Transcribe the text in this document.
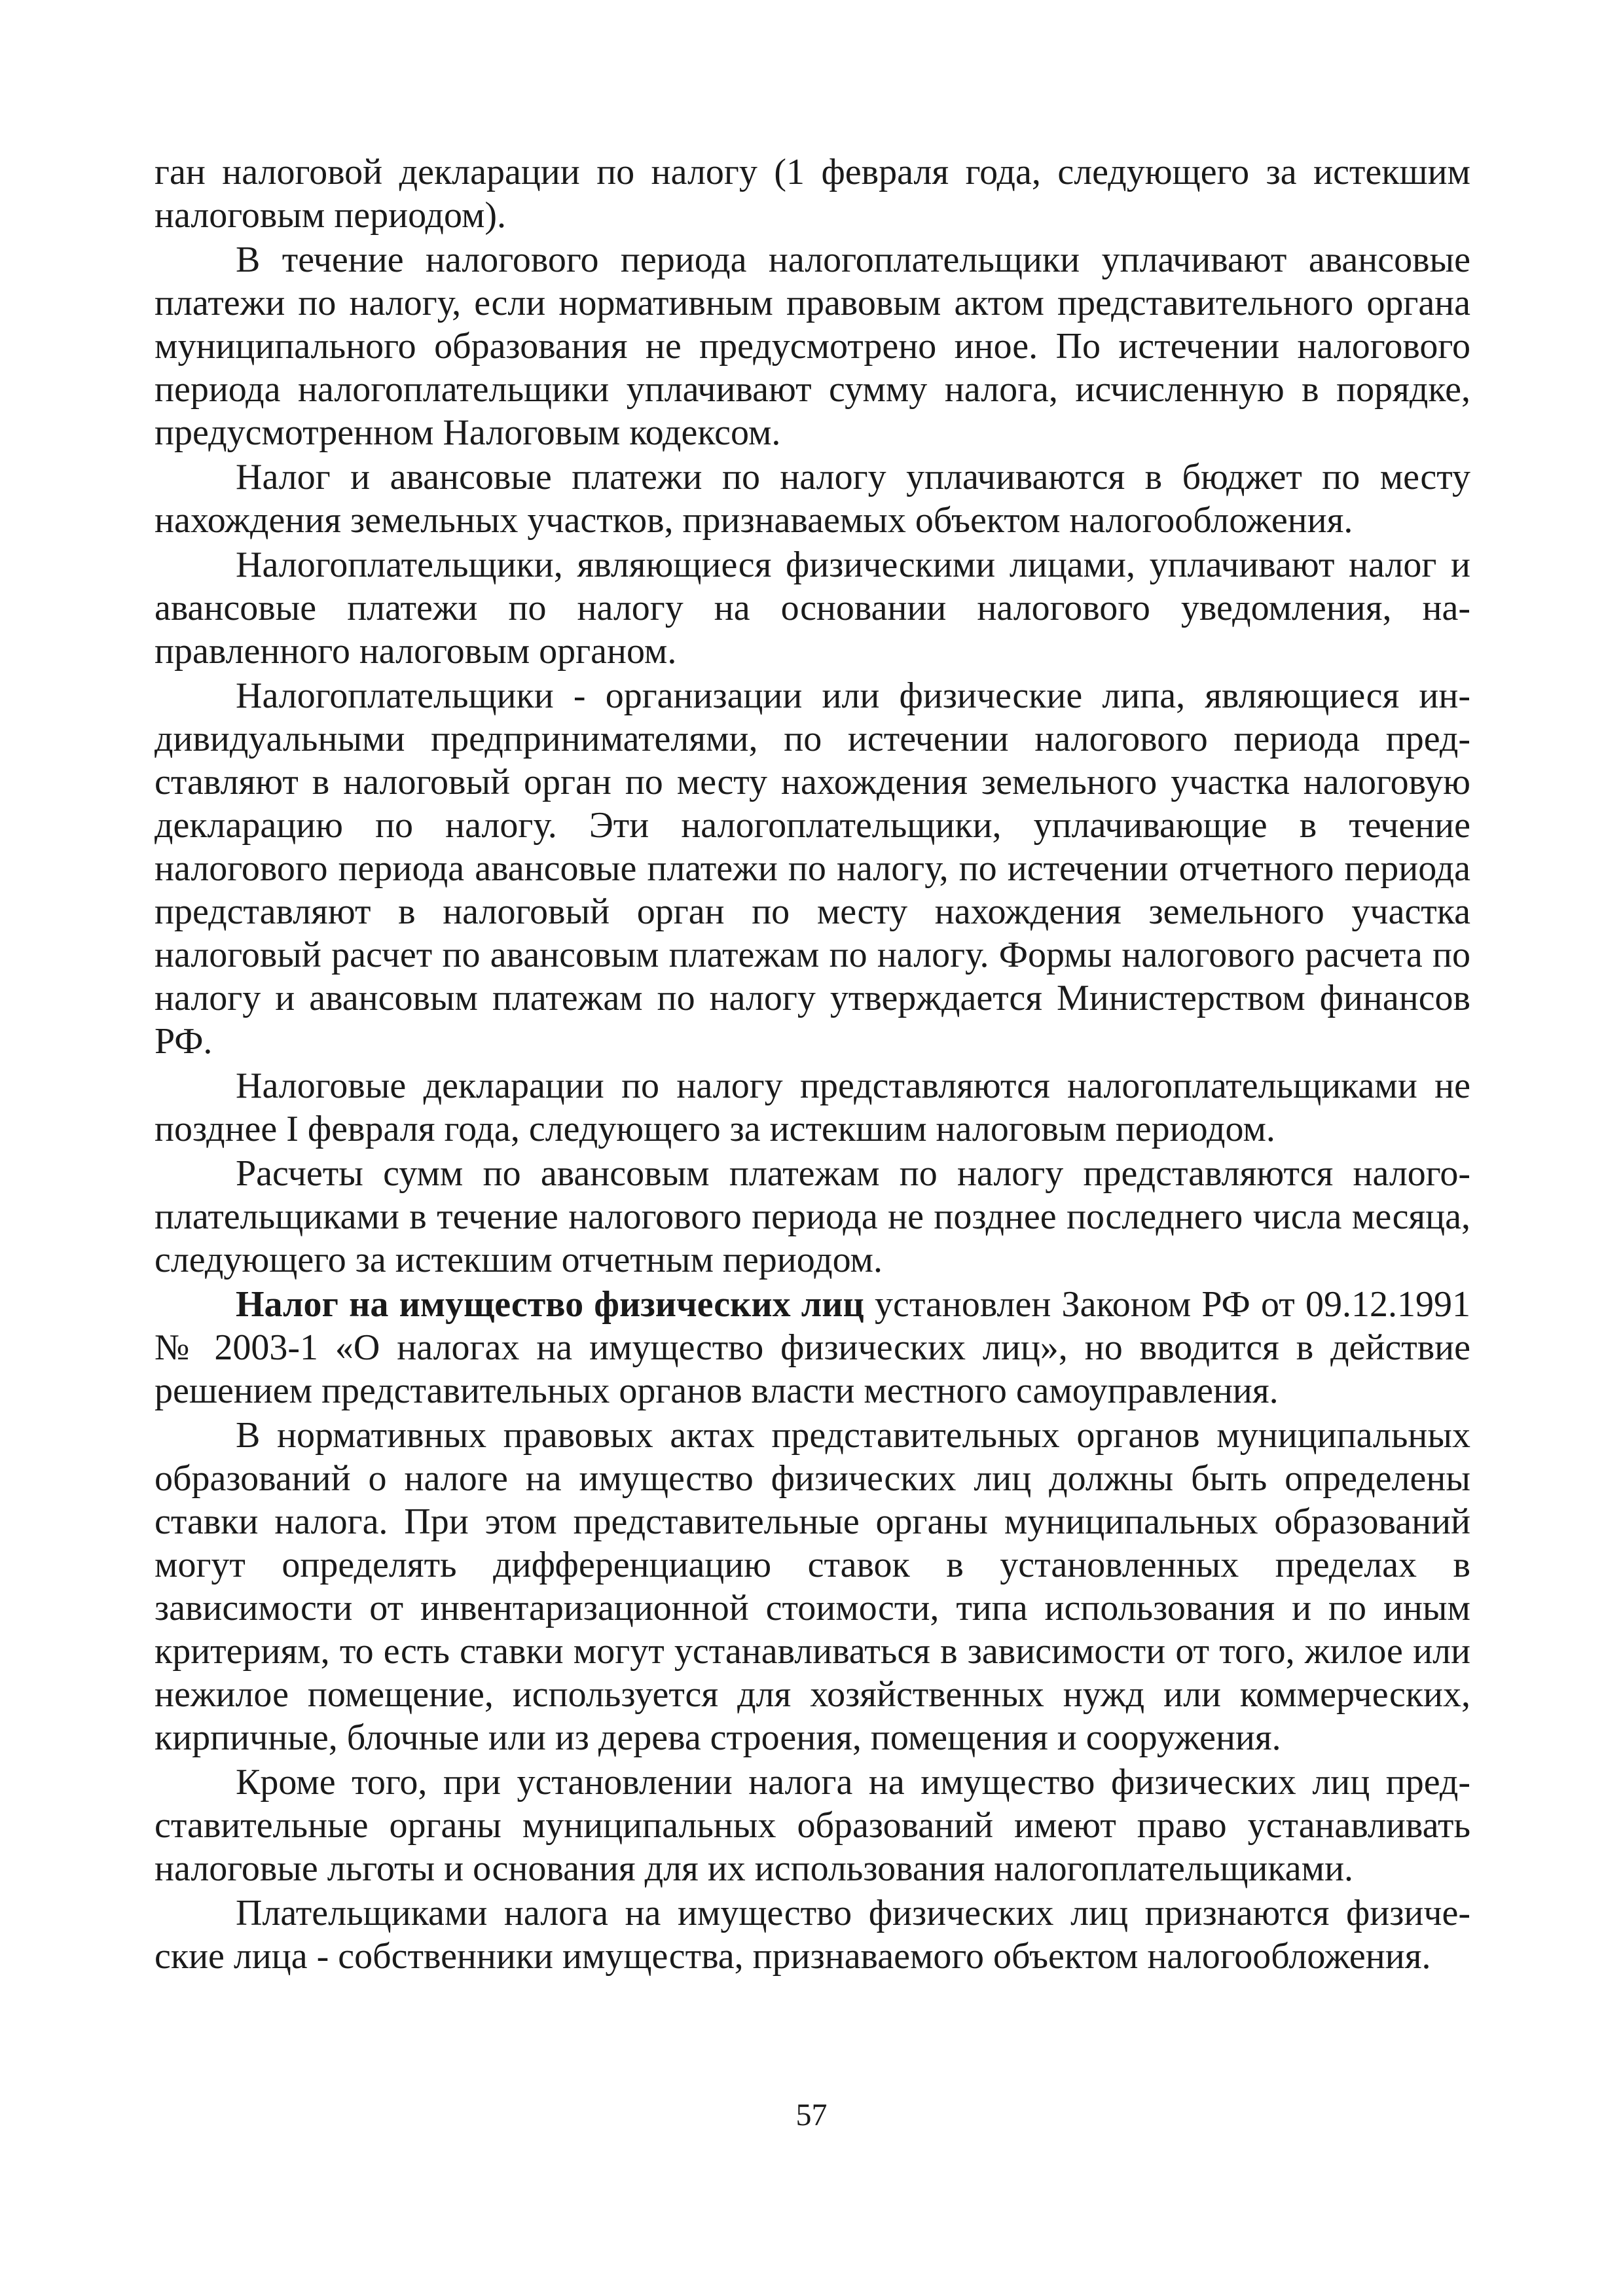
ган налоговой декларации по налогу (1 февраля года, следующего за истекшим налоговым периодом).

В течение налогового периода налогоплательщики уплачивают авансовые платежи по налогу, если нормативным правовым актом представительного органа муниципального образования не предусмотрено иное. По истечении налогового периода налогоплательщики уплачивают сумму налога, исчисленную в порядке, предусмотренном Налоговым кодексом.

Налог и авансовые платежи по налогу уплачиваются в бюджет по месту нахождения земельных участков, признаваемых объектом налогообложения.

Налогоплательщики, являющиеся физическими лицами, уплачивают налог и авансовые платежи по налогу на основании налогового уведомления, направленного налоговым органом.

Налогоплательщики - организации или физические липа, являющиеся индивидуальными предпринимателями, по истечении налогового периода представляют в налоговый орган по месту нахождения земельного участка налоговую декларацию по налогу. Эти налогоплательщики, уплачивающие в течение налогового периода авансовые платежи по налогу, по истечении отчетного периода представляют в налоговый орган по месту нахождения земельного участка налоговый расчет по авансовым платежам по налогу. Формы налогового расчета по налогу и авансовым платежам по налогу утверждается Министерством финансов РФ.

Налоговые декларации по налогу представляются налогоплательщиками не позднее I февраля года, следующего за истекшим налоговым периодом.

Расчеты сумм по авансовым платежам по налогу представляются налогоплательщиками в течение налогового периода не позднее последнего числа месяца, следующего за истекшим отчетным периодом.

Налог на имущество физических лиц установлен Законом РФ от 09.12.1991 № 2003-1 «О налогах на имущество физических лиц», но вводится в действие решением представительных органов власти местного самоуправления.

В нормативных правовых актах представительных органов муниципальных образований о налоге на имущество физических лиц должны быть определены ставки налога. При этом представительные органы муниципальных образований могут определять дифференциацию ставок в установленных пределах в зависимости от инвентаризационной стоимости, типа использования и по иным критериям, то есть ставки могут устанавливаться в зависимости от того, жилое или нежилое помещение, используется для хозяйственных нужд или коммерческих, кирпичные, блочные или из дерева строения, помещения и сооружения.

Кроме того, при установлении налога на имущество физических лиц представительные органы муниципальных образований имеют право устанавливать налоговые льготы и основания для их использования налогоплательщиками.

Плательщиками налога на имущество физических лиц признаются физические лица - собственники имущества, признаваемого объектом налогообложения.

57
